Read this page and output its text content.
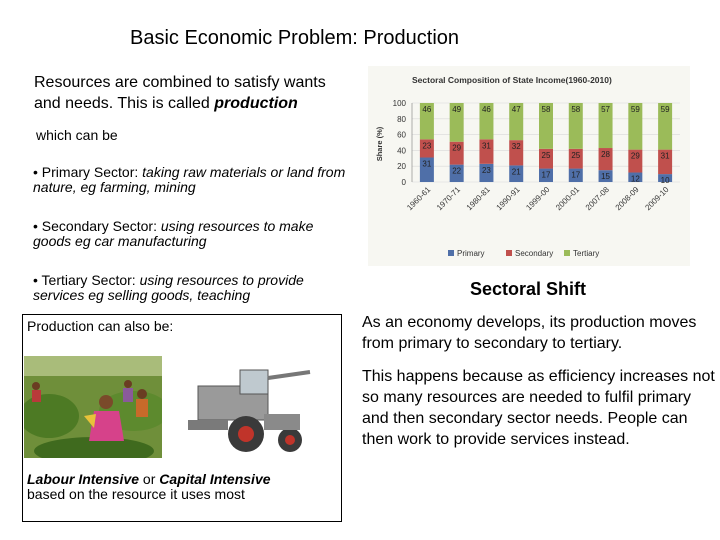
Basic Economic Problem: Production
Resources are combined to satisfy wants
and needs. This is called production
which can be
• Primary Sector: taking raw materials or land from nature, eg farming, mining
• Secondary Sector: using resources to make goods eg car manufacturing
• Tertiary Sector: using resources to provide services eg selling goods, teaching
Production can also be:
Labour Intensive or Capital Intensive
based on the resource it uses most
Sectoral Composition of State Income(1960-2010)
Share (%)
0
20
40
60
80
100
31
23
46
1960-61
22
29
49
1970-71
23
31
46
1980-81
21
32
47
1990-91
17
25
58
1999-00
17
25
58
2000-01
15
28
57
2007-08
12
29
59
2008-09
10
31
59
2009-10
Primary	Secondary Tertiary
Sectoral Shift
As an economy develops, its production moves from primary to secondary to tertiary.
This happens because as efficiency increases not so many resources are needed to fulfil primary and then secondary sector needs. People can then work to provide services instead.
